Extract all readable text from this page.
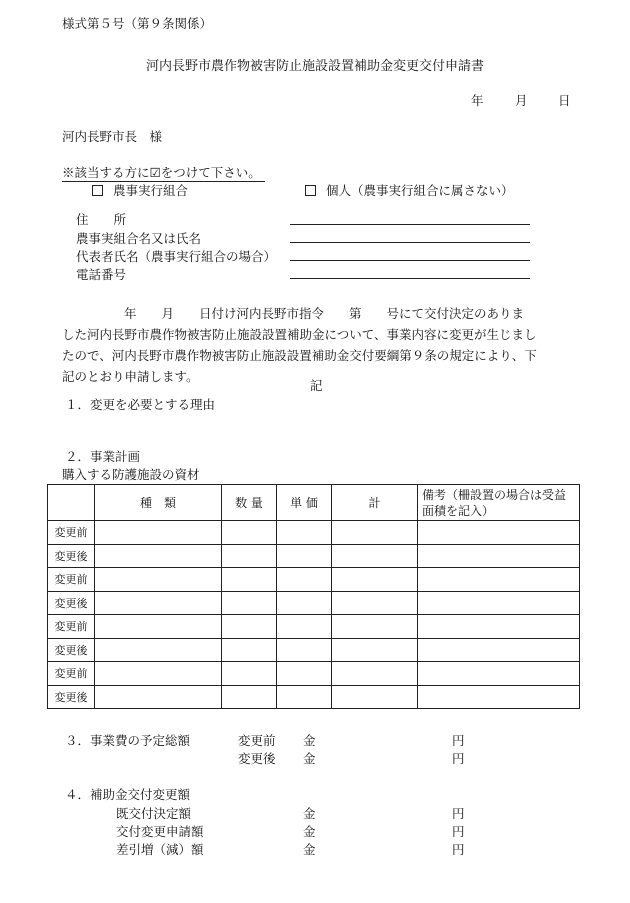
様式第５号（第９条関係）
河内長野市農作物被害防止施設設置補助金変更交付申請書
年	月 日
河内長野市長　様
※該当する方に☑をつけて下さい。
農事実行組合	個人（農事実行組合に属さない）
住　　所
農事実組合名又は氏名
代表者氏名（農事実行組合の場合）
電話番号
年　　月　　日付け河内長野市指令　　第　　号にて交付決定のありま
した河内長野市農作物被害防止施設設置補助金について、事業内容に変更が生じまし
たので、河内長野市農作物被害防止施設設置補助金交付要綱第９条の規定により、下
記のとおり申請します。
記
１．変更を必要とする理由
２．事業計画
購入する防護施設の資材
	種　類	数 量	単 価	計	備考（柵設置の場合は受益面積を記入）
変更前					
変更後					
変更前					
変更後					
変更前					
変更後					
変更前					
変更後					
３．事業費の予定総額	変更前 金	円
変更後 金	円
４．補助金交付変更額
既交付決定額	金	円
交付変更申請額	金	円
差引増（減）額	金	円
